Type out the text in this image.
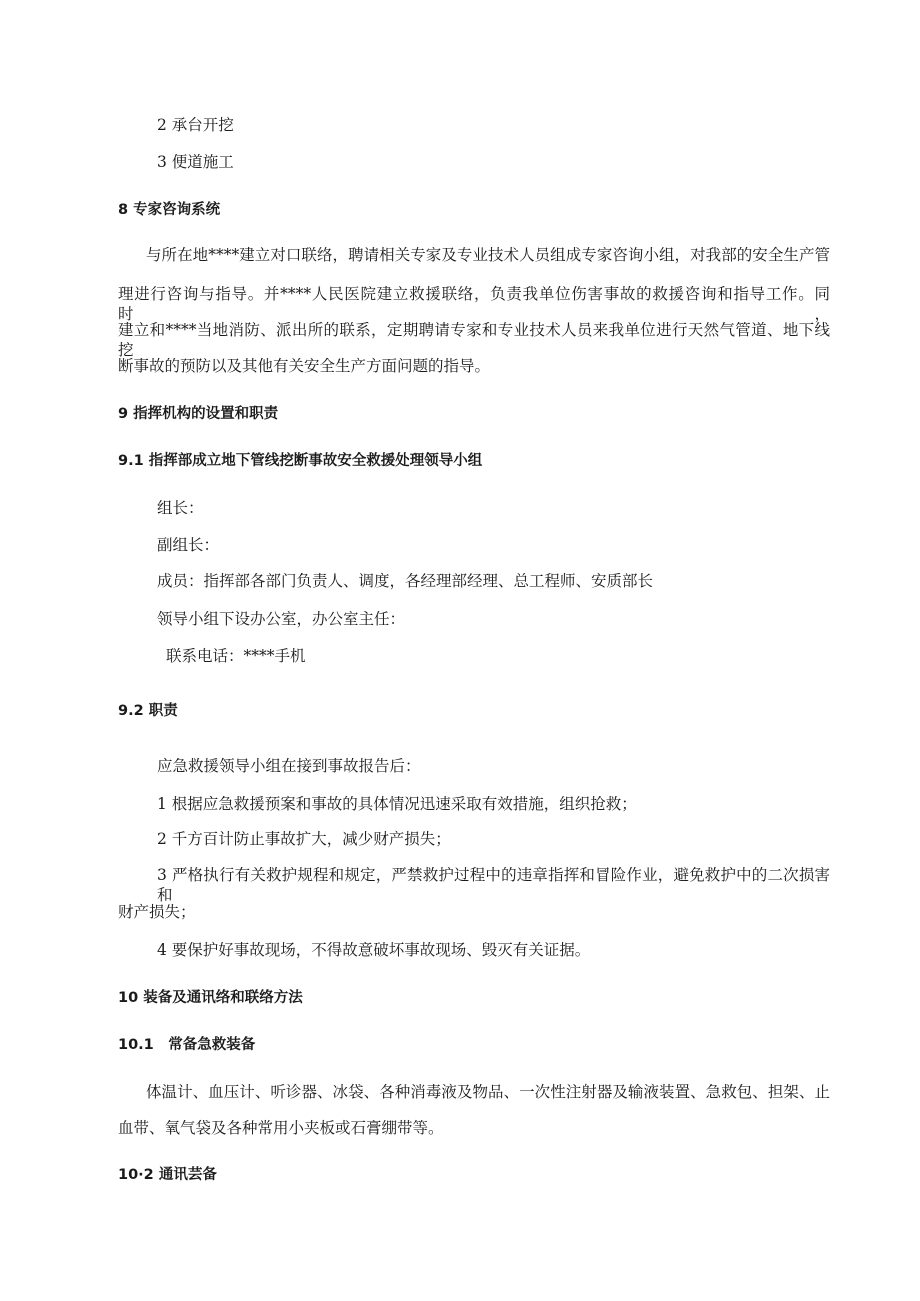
2 承台开挖
3 便道施工
8 专家咨询系统
与所在地****建立对口联络，聘请相关专家及专业技术人员组成专家咨询小组，对我部的安全生产管
理进行咨询与指导。并****人民医院建立救援联络，负责我单位伤害事故的救援咨询和指导工作。同时，
建立和****当地消防、派出所的联系，定期聘请专家和专业技术人员来我单位进行天然气管道、地下线挖
断事故的预防以及其他有关安全生产方面问题的指导。
9 指挥机构的设置和职责
9.1 指挥部成立地下管线挖断事故安全救援处理领导小组
组长：
副组长：
成员：指挥部各部门负责人、调度，各经理部经理、总工程师、安质部长
领导小组下设办公室，办公室主任：
联系电话：****手机
9.2 职责
应急救援领导小组在接到事故报告后：
1 根据应急救援预案和事故的具体情况迅速采取有效措施，组织抢救；
2 千方百计防止事故扩大，减少财产损失；
3 严格执行有关救护规程和规定，严禁救护过程中的违章指挥和冒险作业，避免救护中的二次损害和
财产损失；
4 要保护好事故现场，不得故意破坏事故现场、毁灭有关证据。
10 装备及通讯络和联络方法
10.1　常备急救装备
体温计、血压计、听诊器、冰袋、各种消毒液及物品、一次性注射器及输液装置、急救包、担架、止
血带、氧气袋及各种常用小夹板或石膏绷带等。
10·2 通讯芸备
